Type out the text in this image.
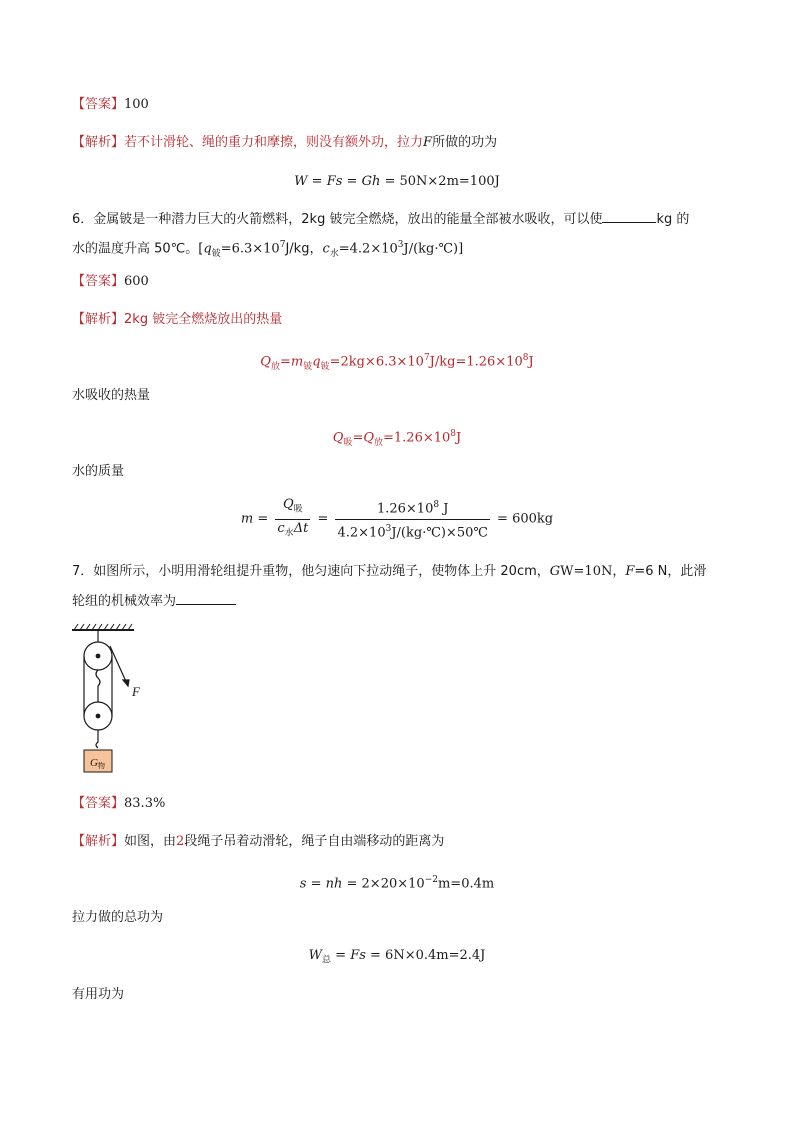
【答案】100
【解析】若不计滑轮、绳的重力和摩擦，则没有额外功，拉力F所做的功为
W = Fs = Gh = 50N×2m=100J
6．金属铍是一种潜力巨大的火箭燃料，2kg 铍完全燃烧，放出的能量全部被水吸收，可以使	kg 的
水的温度升高 50℃。[$q_铍=6.3\times 10^7J/kg$，$c_水=4.2\times 10^3J/(kg\cdot℃)$]
【答案】600
【解析】2kg 铍完全燃烧放出的热量
$Q_放=m_铍q_铍=2kg\times 6.3\times 10^7J/kg=1.26\times 10^8J$
水吸收的热量
$Q_吸=Q_放=1.26\times 10^8J$
水的质量
$m = \frac{Q_吸}{c_水\Delta t} = \frac{1.26\times 10^8 J}{4.2\times 10^3J/(kg\cdot℃)\times 50℃} = 600kg$
7．如图所示，小明用滑轮组提升重物，他匀速向下拉动绳子，使物体上升 20cm，GW=10N，F=6 N，此滑
轮组的机械效率为
F
G物
【答案】83.3%
【解析】如图，由2段绳子吊着动滑轮，绳子自由端移动的距离为
s = nh = $2\times 20\times 10^{-2}m=0.4m$
拉力做的总功为
$W_总 = Fs = 6N\times 0.4m=2.4J$
有用功为
